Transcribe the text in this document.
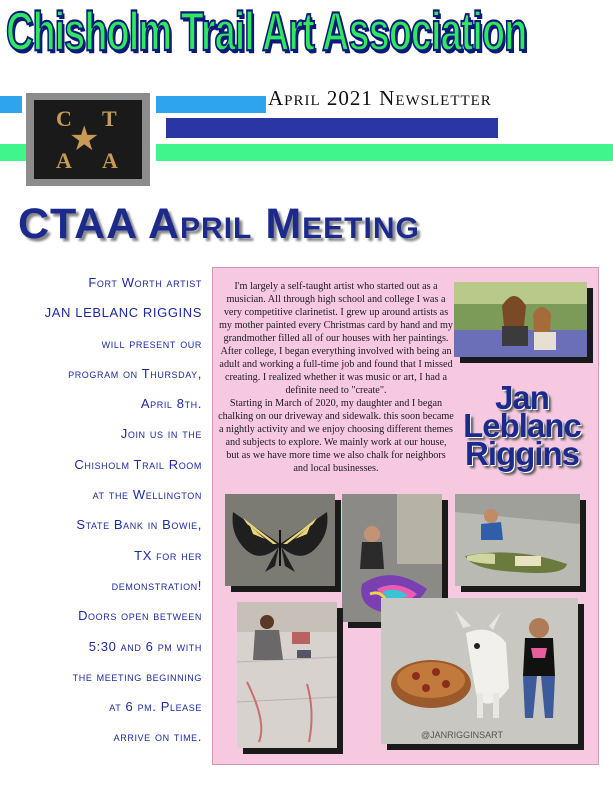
Chisholm Trail Art Association
April 2021 Newsletter
C T
A A
★
CTAA April Meeting
Fort Worth artist
JAN LEBLANC RIGGINS
will present our
program on Thursday,
April 8th.
Join us in the
Chisholm Trail Room
at the Wellington
State Bank in Bowie,
TX for her
demonstration!
Doors open between
5:30 and 6 pm with
the meeting beginning
at 6 pm. Please
arrive on time.

I'm largely a self-taught artist who started out as a musician. All through high school and college I was a very competitive clarinetist. I grew up around artists as my mother painted every Christmas card by hand and my grandmother filled all of our houses with her paintings. After college, I began everything involved with being an adult and working a full-time job and found that I missed creating. I realized whether it was music or art, I had a definite need to "create".

Starting in March of 2020, my daughter and I began chalking on our driveway and sidewalk. this soon became a nightly activity and we enjoy choosing different themes and subjects to explore. We mainly work at our house, but as we have more time we also chalk for neighbors and local businesses.

Jan
Leblanc
Riggins
@JANRIGGINSART
